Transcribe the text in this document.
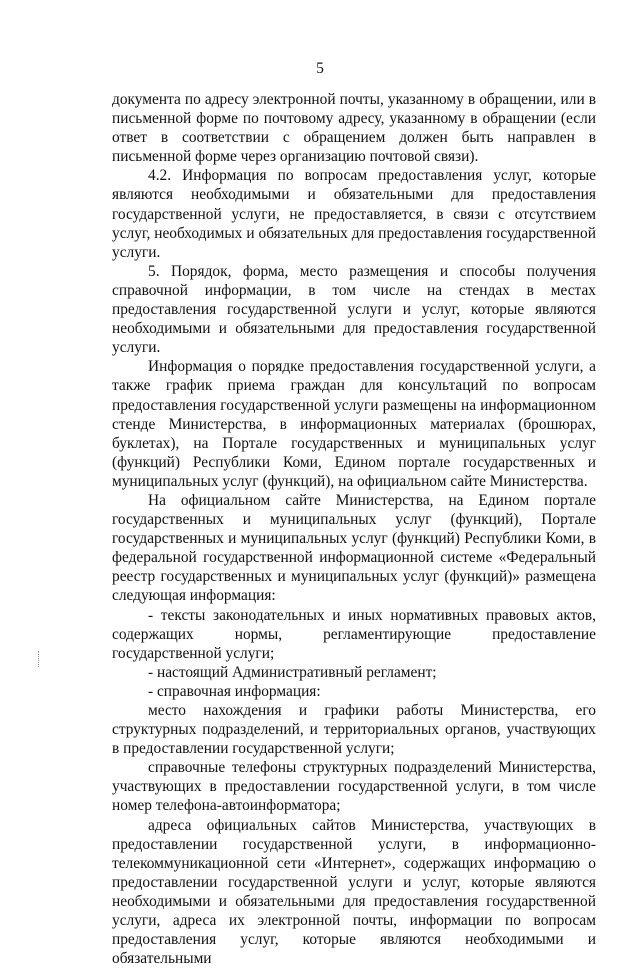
5

документа по адресу электронной почты, указанному в обращении, или в письменной форме по почтовому адресу, указанному в обращении (если ответ в соответствии с обращением должен быть направлен в письменной форме через организацию почтовой связи).

4.2. Информация по вопросам предоставления услуг, которые являются необходимыми и обязательными для предоставления государственной услуги, не предоставляется, в связи с отсутствием услуг, необходимых и обязательных для предоставления государственной услуги.

5. Порядок, форма, место размещения и способы получения справочной информации, в том числе на стендах в местах предоставления государственной услуги и услуг, которые являются необходимыми и обязательными для предоставления государственной услуги.

Информация о порядке предоставления государственной услуги, а также график приема граждан для консультаций по вопросам предоставления государственной услуги размещены на информационном стенде Министерства, в информационных материалах (брошюрах, буклетах), на Портале государственных и муниципальных услуг (функций) Республики Коми, Едином портале государственных и муниципальных услуг (функций), на официальном сайте Министерства.

На официальном сайте Министерства, на Едином портале государственных и муниципальных услуг (функций), Портале государственных и муниципальных услуг (функций) Республики Коми, в федеральной государственной информационной системе «Федеральный реестр государственных и муниципальных услуг (функций)» размещена следующая информация:

- тексты законодательных и иных нормативных правовых актов, содержащих нормы, регламентирующие предоставление государственной услуги;

- настоящий Административный регламент;

- справочная информация:

место нахождения и графики работы Министерства, его структурных подразделений, и территориальных органов, участвующих в предоставлении государственной услуги;

справочные телефоны структурных подразделений Министерства, участвующих в предоставлении государственной услуги, в том числе номер телефона-автоинформатора;

адреса официальных сайтов Министерства, участвующих в предоставлении государственной услуги, в информационно-телекоммуникационной сети «Интернет», содержащих информацию о предоставлении государственной услуги и услуг, которые являются необходимыми и обязательными для предоставления государственной услуги, адреса их электронной почты, информации по вопросам предоставления услуг, которые являются необходимыми и обязательными
